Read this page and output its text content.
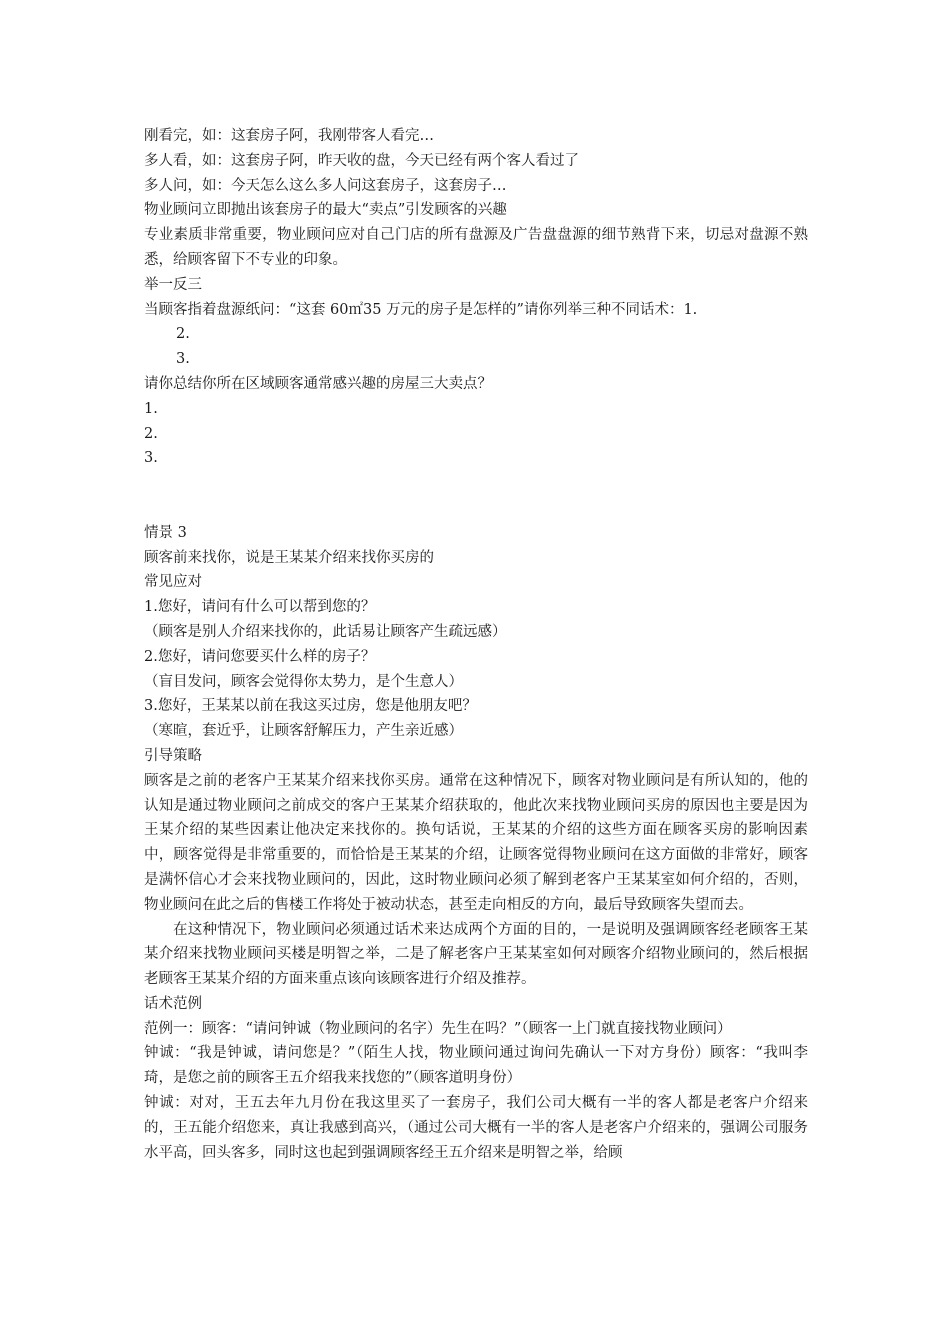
刚看完，如：这套房子阿，我刚带客人看完…

多人看，如：这套房子阿，昨天收的盘，今天已经有两个客人看过了

多人问，如：今天怎么这么多人问这套房子，这套房子…

物业顾问立即抛出该套房子的最大“卖点”引发顾客的兴趣

专业素质非常重要，物业顾问应对自己门店的所有盘源及广告盘盘源的细节熟背下来，切忌对盘源不熟悉，给顾客留下不专业的印象。

举一反三

当顾客指着盘源纸问：“这套 60㎡35 万元的房子是怎样的”请你列举三种不同话术：1.

2.

3.

请你总结你所在区域顾客通常感兴趣的房屋三大卖点？

1.

2.

3.

情景 3

顾客前来找你，说是王某某介绍来找你买房的

常见应对

1.您好，请问有什么可以帮到您的？

（顾客是别人介绍来找你的，此话易让顾客产生疏远感）

2.您好，请问您要买什么样的房子？

（盲目发问，顾客会觉得你太势力，是个生意人）

3.您好，王某某以前在我这买过房，您是他朋友吧？

（寒暄，套近乎，让顾客舒解压力，产生亲近感）

引导策略

顾客是之前的老客户王某某介绍来找你买房。通常在这种情况下，顾客对物业顾问是有所认知的，他的认知是通过物业顾问之前成交的客户王某某介绍获取的，他此次来找物业顾问买房的原因也主要是因为王某介绍的某些因素让他决定来找你的。换句话说，王某某的介绍的这些方面在顾客买房的影响因素中，顾客觉得是非常重要的，而恰恰是王某某的介绍，让顾客觉得物业顾问在这方面做的非常好，顾客是满怀信心才会来找物业顾问的，因此，这时物业顾问必须了解到老客户王某某室如何介绍的，否则，物业顾问在此之后的售楼工作将处于被动状态，甚至走向相反的方向，最后导致顾客失望而去。

在这种情况下，物业顾问必须通过话术来达成两个方面的目的，一是说明及强调顾客经老顾客王某某介绍来找物业顾问买楼是明智之举，二是了解老客户王某某室如何对顾客介绍物业顾问的，然后根据老顾客王某某介绍的方面来重点该向该顾客进行介绍及推荐。

话术范例

范例一：顾客：“请问钟诚（物业顾问的名字）先生在吗？”（顾客一上门就直接找物业顾问）

钟诚：“我是钟诚，请问您是？”（陌生人找，物业顾问通过询问先确认一下对方身份）顾客：“我叫李琦，是您之前的顾客王五介绍我来找您的”（顾客道明身份）

钟诚：对对，王五去年九月份在我这里买了一套房子，我们公司大概有一半的客人都是老客户介绍来的，王五能介绍您来，真让我感到高兴，（通过公司大概有一半的客人是老客户介绍来的，强调公司服务水平高，回头客多，同时这也起到强调顾客经王五介绍来是明智之举，给顾
